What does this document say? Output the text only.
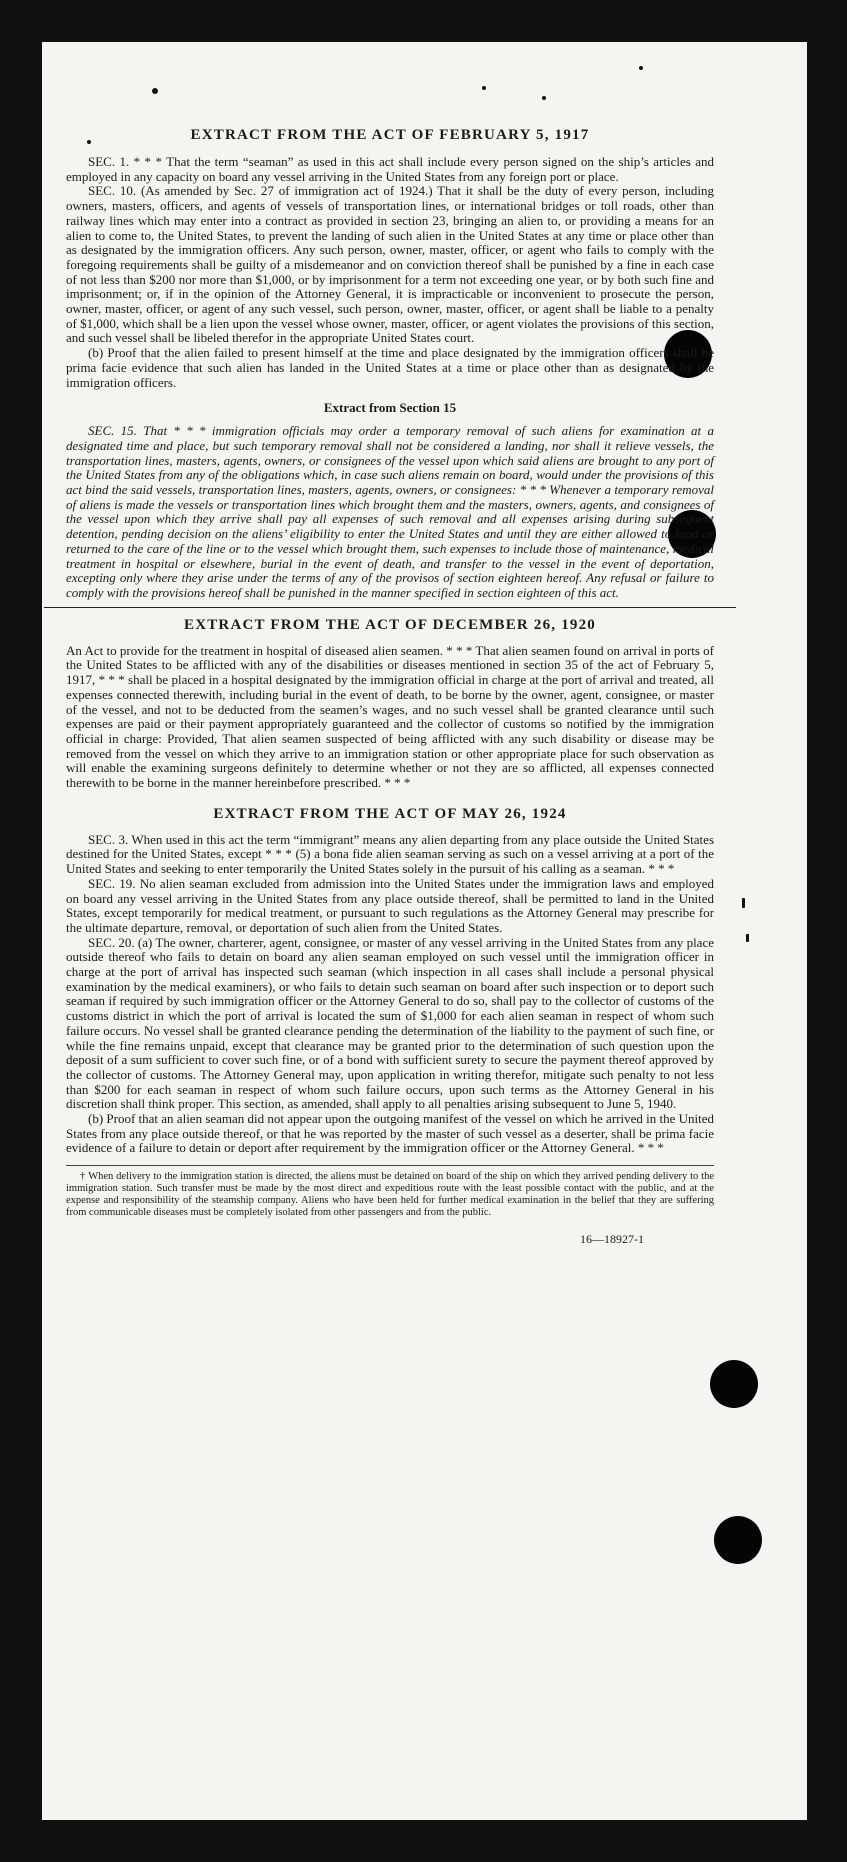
EXTRACT FROM THE ACT OF FEBRUARY 5, 1917

SEC. 1. * * * That the term “seaman” as used in this act shall include every person signed on the ship’s articles and employed in any capacity on board any vessel arriving in the United States from any foreign port or place.

SEC. 10. (As amended by Sec. 27 of immigration act of 1924.) That it shall be the duty of every person, including owners, masters, officers, and agents of vessels of transportation lines, or international bridges or toll roads, other than railway lines which may enter into a contract as provided in section 23, bringing an alien to, or providing a means for an alien to come to, the United States, to prevent the landing of such alien in the United States at any time or place other than as designated by the immigration officers. Any such person, owner, master, officer, or agent who fails to comply with the foregoing requirements shall be guilty of a misdemeanor and on conviction thereof shall be punished by a fine in each case of not less than $200 nor more than $1,000, or by imprisonment for a term not exceeding one year, or by both such fine and imprisonment; or, if in the opinion of the Attorney General, it is impracticable or inconvenient to prosecute the person, owner, master, officer, or agent of any such vessel, such person, owner, master, officer, or agent shall be liable to a penalty of $1,000, which shall be a lien upon the vessel whose owner, master, officer, or agent violates the provisions of this section, and such vessel shall be libeled therefor in the appropriate United States court.

(b) Proof that the alien failed to present himself at the time and place designated by the immigration officers shall be prima facie evidence that such alien has landed in the United States at a time or place other than as designated by the immigration officers.

Extract from Section 15

SEC. 15. That * * * immigration officials may order a temporary removal of such aliens for examination at a designated time and place, but such temporary removal shall not be considered a landing, nor shall it relieve vessels, the transportation lines, masters, agents, owners, or consignees of the vessel upon which said aliens are brought to any port of the United States from any of the obligations which, in case such aliens remain on board, would under the provisions of this act bind the said vessels, transportation lines, masters, agents, owners, or consignees: * * * Whenever a temporary removal of aliens is made the vessels or transportation lines which brought them and the masters, owners, agents, and consignees of the vessel upon which they arrive shall pay all expenses of such removal and all expenses arising during subsequent detention, pending decision on the aliens’ eligibility to enter the United States and until they are either allowed to land or returned to the care of the line or to the vessel which brought them, such expenses to include those of maintenance, medical treatment in hospital or elsewhere, burial in the event of death, and transfer to the vessel in the event of deportation, excepting only where they arise under the terms of any of the provisos of section eighteen hereof. Any refusal or failure to comply with the provisions hereof shall be punished in the manner specified in section eighteen of this act.

EXTRACT FROM THE ACT OF DECEMBER 26, 1920

An Act to provide for the treatment in hospital of diseased alien seamen. * * * That alien seamen found on arrival in ports of the United States to be afflicted with any of the disabilities or diseases mentioned in section 35 of the act of February 5, 1917, * * * shall be placed in a hospital designated by the immigration official in charge at the port of arrival and treated, all expenses connected therewith, including burial in the event of death, to be borne by the owner, agent, consignee, or master of the vessel, and not to be deducted from the seamen’s wages, and no such vessel shall be granted clearance until such expenses are paid or their payment appropriately guaranteed and the collector of customs so notified by the immigration official in charge: Provided, That alien seamen suspected of being afflicted with any such disability or disease may be removed from the vessel on which they arrive to an immigration station or other appropriate place for such observation as will enable the examining surgeons definitely to determine whether or not they are so afflicted, all expenses connected therewith to be borne in the manner hereinbefore prescribed. * * *

EXTRACT FROM THE ACT OF MAY 26, 1924

SEC. 3. When used in this act the term “immigrant” means any alien departing from any place outside the United States destined for the United States, except * * * (5) a bona fide alien seaman serving as such on a vessel arriving at a port of the United States and seeking to enter temporarily the United States solely in the pursuit of his calling as a seaman. * * *

SEC. 19. No alien seaman excluded from admission into the United States under the immigration laws and employed on board any vessel arriving in the United States from any place outside thereof, shall be permitted to land in the United States, except temporarily for medical treatment, or pursuant to such regulations as the Attorney General may prescribe for the ultimate departure, removal, or deportation of such alien from the United States.

SEC. 20. (a) The owner, charterer, agent, consignee, or master of any vessel arriving in the United States from any place outside thereof who fails to detain on board any alien seaman employed on such vessel until the immigration officer in charge at the port of arrival has inspected such seaman (which inspection in all cases shall include a personal physical examination by the medical examiners), or who fails to detain such seaman on board after such inspection or to deport such seaman if required by such immigration officer or the Attorney General to do so, shall pay to the collector of customs of the customs district in which the port of arrival is located the sum of $1,000 for each alien seaman in respect of whom such failure occurs. No vessel shall be granted clearance pending the determination of the liability to the payment of such fine, or while the fine remains unpaid, except that clearance may be granted prior to the determination of such question upon the deposit of a sum sufficient to cover such fine, or of a bond with sufficient surety to secure the payment thereof approved by the collector of customs. The Attorney General may, upon application in writing therefor, mitigate such penalty to not less than $200 for each seaman in respect of whom such failure occurs, upon such terms as the Attorney General in his discretion shall think proper. This section, as amended, shall apply to all penalties arising subsequent to June 5, 1940.

(b) Proof that an alien seaman did not appear upon the outgoing manifest of the vessel on which he arrived in the United States from any place outside thereof, or that he was reported by the master of such vessel as a deserter, shall be prima facie evidence of a failure to detain or deport after requirement by the immigration officer or the Attorney General. * * *

† When delivery to the immigration station is directed, the aliens must be detained on board of the ship on which they arrived pending delivery to the immigration station. Such transfer must be made by the most direct and expeditious route with the least possible contact with the public, and at the expense and responsibility of the steamship company. Aliens who have been held for further medical examination in the belief that they are suffering from communicable diseases must be completely isolated from other passengers and from the public.

16—18927-1
